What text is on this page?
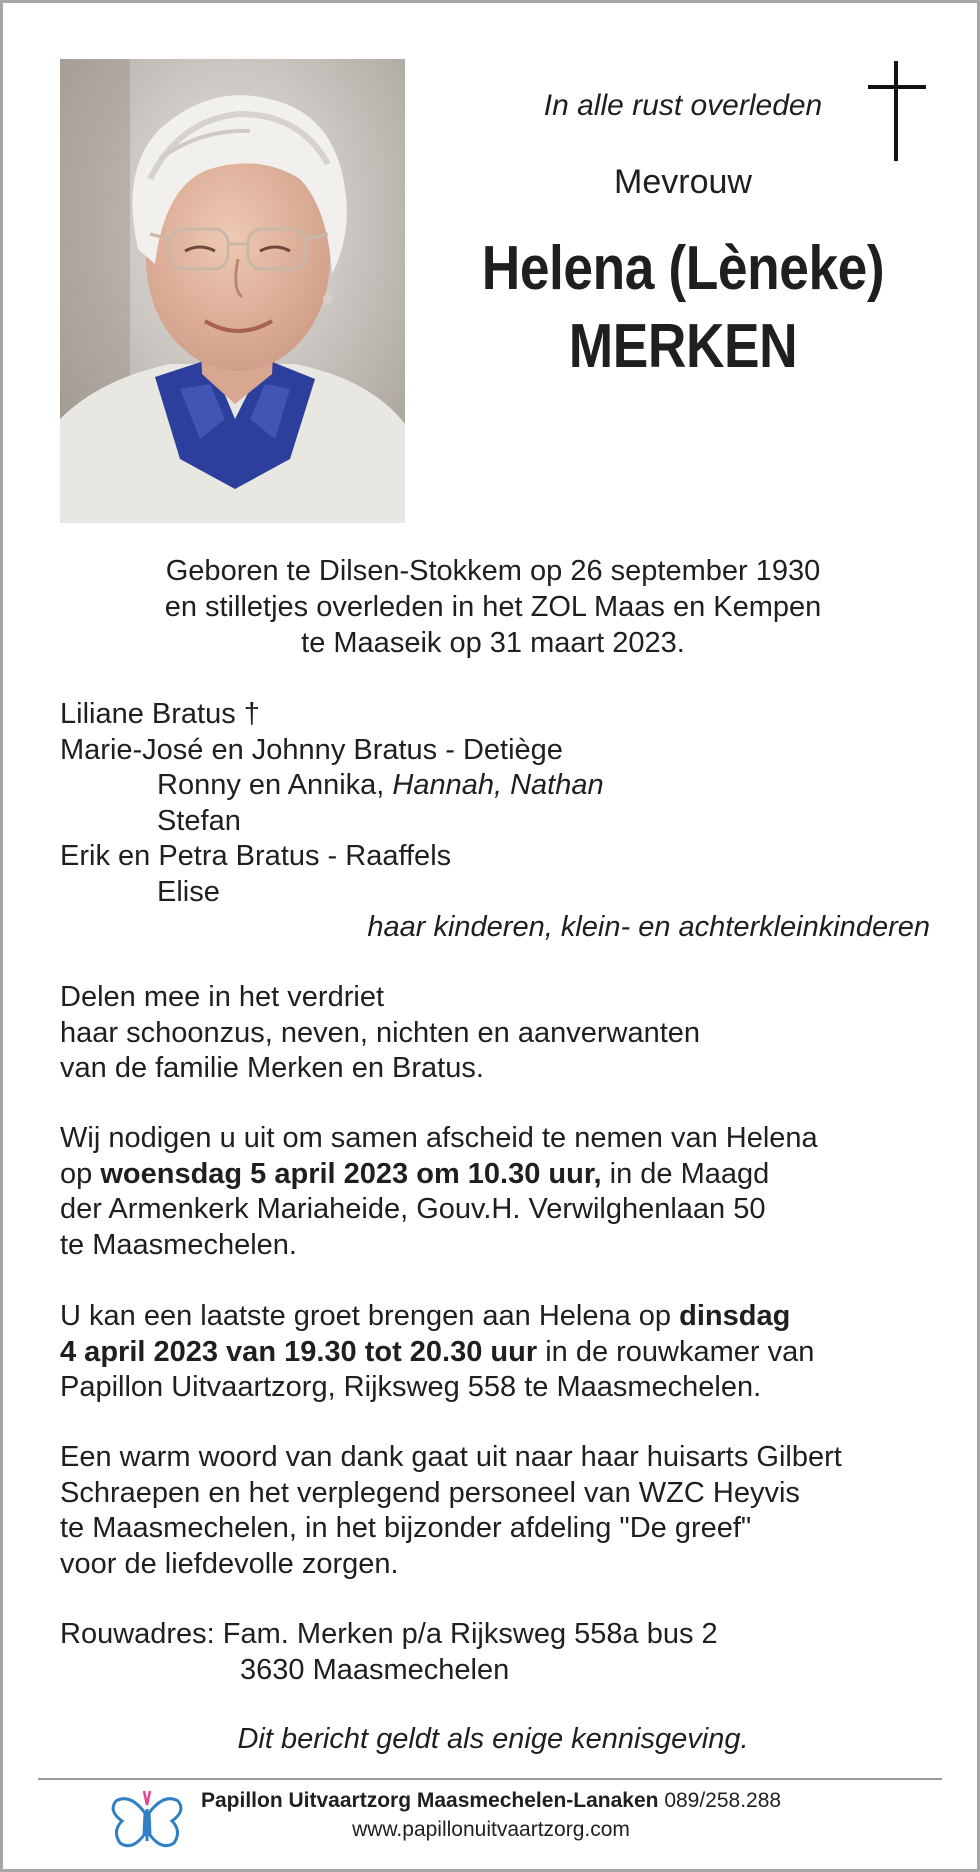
In alle rust overleden
Mevrouw
Helena (Lèneke)
MERKEN
Geboren te Dilsen-Stokkem op 26 september 1930
en stilletjes overleden in het ZOL Maas en Kempen
te Maaseik op 31 maart 2023.
Liliane Bratus †
Marie-José en Johnny Bratus - Detiège
Ronny en Annika, Hannah, Nathan
Stefan
Erik en Petra Bratus - Raaffels
Elise
haar kinderen, klein- en achterkleinkinderen
Delen mee in het verdriet
haar schoonzus, neven, nichten en aanverwanten
van de familie Merken en Bratus.
Wij nodigen u uit om samen afscheid te nemen van Helena
op woensdag 5 april 2023 om 10.30 uur, in de Maagd
der Armenkerk Mariaheide, Gouv.H. Verwilghenlaan 50
te Maasmechelen.
U kan een laatste groet brengen aan Helena op dinsdag
4 april 2023 van 19.30 tot 20.30 uur in de rouwkamer van
Papillon Uitvaartzorg, Rijksweg 558 te Maasmechelen.
Een warm woord van dank gaat uit naar haar huisarts Gilbert
Schraepen en het verplegend personeel van WZC Heyvis
te Maasmechelen, in het bijzonder afdeling "De greef"
voor de liefdevolle zorgen.
Rouwadres: Fam. Merken p/a Rijksweg 558a bus 2
3630 Maasmechelen
Dit bericht geldt als enige kennisgeving.
Papillon Uitvaartzorg Maasmechelen-Lanaken 089/258.288
www.papillonuitvaartzorg.com
